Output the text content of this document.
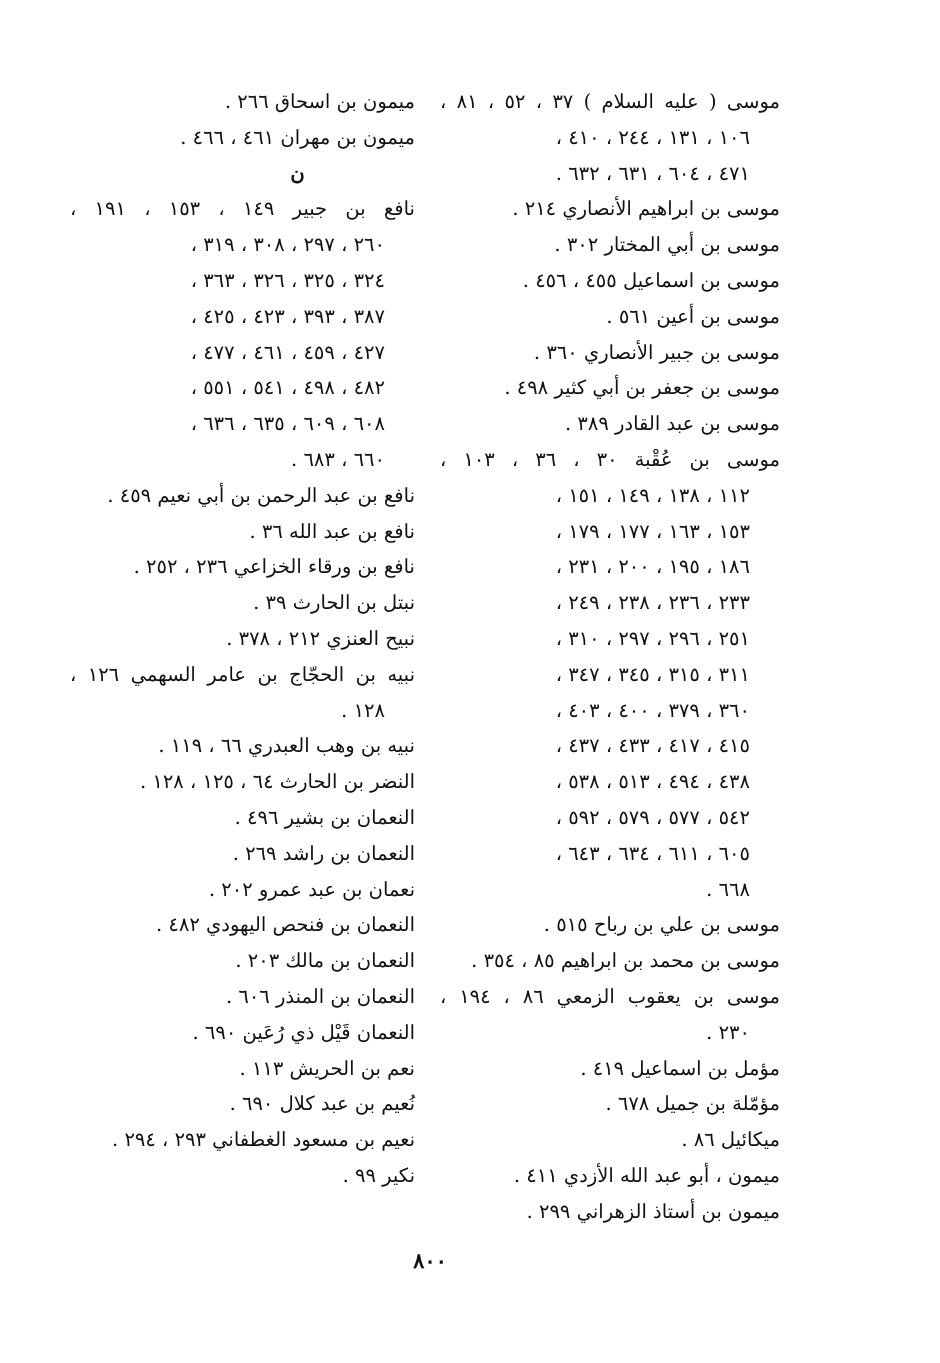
موسى ( عليه السلام ) ٣٧ ، ٥٢ ، ٨١ ،
١٠٦ ، ١٣١ ، ٢٤٤ ، ٤١٠ ،
٤٧١ ، ٦٠٤ ، ٦٣١ ، ٦٣٢ .
موسى بن ابراهيم الأنصاري ٢١٤ .
موسى بن أبي المختار ٣٠٢ .
موسى بن اسماعيل ٤٥٥ ، ٤٥٦ .
موسى بن أعين ٥٦١ .
موسى بن جبير الأنصاري ٣٦٠ .
موسى بن جعفر بن أبي كثير ٤٩٨ .
موسى بن عبد القادر ٣٨٩ .
موسى بن عُقْبة ٣٠ ، ٣٦ ، ١٠٣ ،
١١٢ ، ١٣٨ ، ١٤٩ ، ١٥١ ،
١٥٣ ، ١٦٣ ، ١٧٧ ، ١٧٩ ،
١٨٦ ، ١٩٥ ، ٢٠٠ ، ٢٣١ ،
٢٣٣ ، ٢٣٦ ، ٢٣٨ ، ٢٤٩ ،
٢٥١ ، ٢٩٦ ، ٢٩٧ ، ٣١٠ ،
٣١١ ، ٣١٥ ، ٣٤٥ ، ٣٤٧ ،
٣٦٠ ، ٣٧٩ ، ٤٠٠ ، ٤٠٣ ،
٤١٥ ، ٤١٧ ، ٤٣٣ ، ٤٣٧ ،
٤٣٨ ، ٤٩٤ ، ٥١٣ ، ٥٣٨ ،
٥٤٢ ، ٥٧٧ ، ٥٧٩ ، ٥٩٢ ،
٦٠٥ ، ٦١١ ، ٦٣٤ ، ٦٤٣ ،
٦٦٨ .
موسى بن علي بن رباح ٥١٥ .
موسى بن محمد بن ابراهيم ٨٥ ، ٣٥٤ .
موسى بن يعقوب الزمعي ٨٦ ، ١٩٤ ،
٢٣٠ .
مؤمل بن اسماعيل ٤١٩ .
مؤمّلة بن جميل ٦٧٨ .
ميكائيل ٨٦ .
ميمون ، أبو عبد الله الأزدي ٤١١ .
ميمون بن أستاذ الزهراني ٢٩٩ .
ميمون بن اسحاق ٢٦٦ .
ميمون بن مهران ٤٦١ ، ٤٦٦ .
ن
نافع بن جبير ١٤٩ ، ١٥٣ ، ١٩١ ،
٢٦٠ ، ٢٩٧ ، ٣٠٨ ، ٣١٩ ،
٣٢٤ ، ٣٢٥ ، ٣٢٦ ، ٣٦٣ ،
٣٨٧ ، ٣٩٣ ، ٤٢٣ ، ٤٢٥ ،
٤٢٧ ، ٤٥٩ ، ٤٦١ ، ٤٧٧ ،
٤٨٢ ، ٤٩٨ ، ٥٤١ ، ٥٥١ ،
٦٠٨ ، ٦٠٩ ، ٦٣٥ ، ٦٣٦ ،
٦٦٠ ، ٦٨٣ .
نافع بن عبد الرحمن بن أبي نعيم ٤٥٩ .
نافع بن عبد الله ٣٦ .
نافع بن ورقاء الخزاعي ٢٣٦ ، ٢٥٢ .
نبتل بن الحارث ٣٩ .
نبيح العنزي ٢١٢ ، ٣٧٨ .
نبيه بن الحجّاج بن عامر السهمي ١٢٦ ،
١٢٨ .
نبيه بن وهب العبدري ٦٦ ، ١١٩ .
النضر بن الحارث ٦٤ ، ١٢٥ ، ١٢٨ .
النعمان بن بشير ٤٩٦ .
النعمان بن راشد ٢٦٩ .
نعمان بن عبد عمرو ٢٠٢ .
النعمان بن فنحص اليهودي ٤٨٢ .
النعمان بن مالك ٢٠٣ .
النعمان بن المنذر ٦٠٦ .
النعمان قَيْل ذي رُعَين ٦٩٠ .
نعم بن الحريش ١١٣ .
نُعيم بن عبد كلال ٦٩٠ .
نعيم بن مسعود الغطفاني ٢٩٣ ، ٢٩٤ .
نكير ٩٩ .
٨٠٠
